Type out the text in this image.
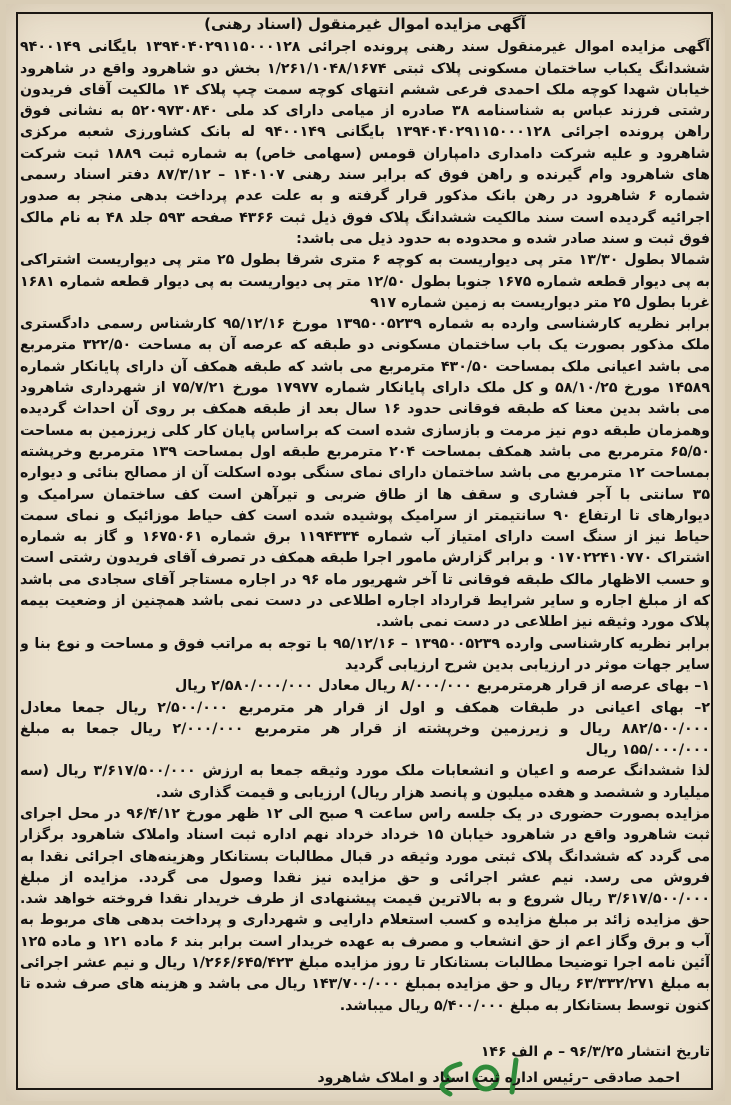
آگهی مزایده اموال غیرمنقول (اسناد رهنی)

آگهی مزایده اموال غیرمنقول سند رهنی پرونده اجرائی ۱۳۹۴۰۴۰۲۹۱۱۵۰۰۰۱۲۸ بایگانی ۹۴۰۰۱۴۹ ششدانگ یکباب ساختمان مسکونی پلاک ثبتی ۱/۲۶۱/۱۰۴۸/۱۶۷۴ بخش دو شاهرود واقع در شاهرود خیابان شهدا کوچه ملک احمدی فرعی ششم انتهای کوچه سمت چپ پلاک ۱۴ مالکیت آقای فریدون رشتی فرزند عباس به شناسنامه ۳۸ صادره از میامی دارای کد ملی ۵۲۰۹۷۳۰۸۴۰ به نشانی فوق راهن پرونده اجرائی ۱۳۹۴۰۴۰۲۹۱۱۵۰۰۰۱۲۸ بایگانی ۹۴۰۰۱۴۹ له بانک کشاورزی شعبه مرکزی شاهرود و علیه شرکت دامداری دامپاران قومس (سهامی خاص) به شماره ثبت ۱۸۸۹ ثبت شرکت های شاهرود وام گیرنده و راهن فوق که برابر سند رهنی ۱۴۰۱۰۷ – ۸۷/۳/۱۲ دفتر اسناد رسمی شماره ۶ شاهرود در رهن بانک مذکور قرار گرفته و به علت عدم پرداخت بدهی منجر به صدور اجرائیه گردیده است سند مالکیت ششدانگ پلاک فوق ذیل ثبت ۴۳۶۶ صفحه ۵۹۳ جلد ۴۸ به نام مالک فوق ثبت و سند صادر شده و محدوده به حدود ذیل می باشد:

شمالا بطول ۱۳/۳۰ متر پی دیواریست به کوچه ۶ متری شرقا بطول ۲۵ متر پی دیواریست اشتراکی به پی دیوار قطعه شماره ۱۶۷۵ جنوبا بطول ۱۲/۵۰ متر پی دیواریست به پی دیوار قطعه شماره ۱۶۸۱ غربا بطول ۲۵ متر دیواریست به زمین شماره ۹۱۷

برابر نظریه کارشناسی وارده به شماره ۱۳۹۵۰۰۵۲۳۹ مورخ ۹۵/۱۲/۱۶ کارشناس رسمی دادگستری ملک مذکور بصورت یک باب ساختمان مسکونی دو طبقه که عرصه آن به مساحت ۳۲۲/۵۰ مترمربع می باشد اعیانی ملک بمساحت ۴۳۰/۵۰ مترمربع می باشد که طبقه همکف آن دارای پایانکار شماره ۱۴۵۸۹ مورخ ۵۸/۱۰/۲۵ و کل ملک دارای پایانکار شماره ۱۷۹۷۷ مورخ ۷۵/۷/۲۱ از شهرداری شاهرود می باشد بدین معنا که طبقه فوقانی حدود ۱۶ سال بعد از طبقه همکف بر روی آن احداث گردیده وهمزمان طبقه دوم نیز مرمت و بازسازی شده است که براساس پایان کار کلی زیرزمین به مساحت ۶۵/۵۰ مترمربع می باشد همکف بمساحت ۲۰۴ مترمربع طبقه اول بمساحت ۱۳۹ مترمربع وخرپشته بمساحت ۱۲ مترمربع می باشد ساختمان دارای نمای سنگی بوده اسکلت آن از مصالح بنائی و دیواره ۳۵ سانتی با آجر فشاری و سقف ها از طاق ضربی و تیرآهن است کف ساختمان سرامیک و دیوارهای تا ارتفاع ۹۰ سانتیمتر از سرامیک پوشیده شده است کف حیاط موزائیک و نمای سمت حیاط نیز از سنگ است دارای امتیاز آب شماره ۱۱۹۴۳۳۴ برق شماره ۱۶۷۵۰۶۱ و گاز به شماره اشتراک ۰۱۷۰۲۲۴۱۰۷۷۰ و برابر گزارش مامور اجرا طبقه همکف در تصرف آقای فریدون رشتی است و حسب الاظهار مالک طبقه فوقانی تا آخر شهریور ماه ۹۶ در اجاره مستاجر آقای سجادی می باشد که از مبلغ اجاره و سایر شرایط قرارداد اجاره اطلاعی در دست نمی باشد همچنین از وضعیت بیمه پلاک مورد وثیقه نیز اطلاعی در دست نمی باشد.

برابر نظریه کارشناسی وارده ۱۳۹۵۰۰۵۲۳۹ – ۹۵/۱۲/۱۶ با توجه به مراتب فوق و مساحت و نوع بنا و سایر جهات موثر در ارزیابی بدین شرح ارزیابی گردید

۱– بهای عرصه از قرار هرمترمربع ۸/۰۰۰/۰۰۰ ریال معادل ۲/۵۸۰/۰۰۰/۰۰۰ ریال

۲– بهای اعیانی در طبقات همکف و اول از قرار هر مترمربع ۲/۵۰۰/۰۰۰ ریال جمعا معادل ۸۸۲/۵۰۰/۰۰۰ ریال و زیرزمین وخرپشته از قرار هر مترمربع ۲/۰۰۰/۰۰۰ ریال جمعا به مبلغ ۱۵۵/۰۰۰/۰۰۰ ریال

لذا ششدانگ عرصه و اعیان و انشعابات ملک مورد وثیقه جمعا به ارزش ۳/۶۱۷/۵۰۰/۰۰۰ ریال (سه میلیارد و ششصد و هفده میلیون و پانصد هزار ریال) ارزیابی و قیمت گذاری شد.

مزایده بصورت حضوری در یک جلسه راس ساعت ۹ صبح الی ۱۲ ظهر مورخ ۹۶/۴/۱۲ در محل اجرای ثبت شاهرود واقع در شاهرود خیابان ۱۵ خرداد خرداد نهم اداره ثبت اسناد واملاک شاهرود برگزار می گردد که ششدانگ پلاک ثبتی مورد وثیقه در قبال مطالبات بستانکار وهزینه‌های اجرائی نقدا به فروش می رسد. نیم عشر اجرائی و حق مزایده نیز نقدا وصول می گردد. مزایده از مبلغ ۳/۶۱۷/۵۰۰/۰۰۰ ریال شروع و به بالاترین قیمت پیشنهادی از طرف خریدار نقدا فروخته خواهد شد. حق مزایده زائد بر مبلغ مزایده و کسب استعلام دارایی و شهرداری و پرداخت بدهی های مربوط به آب و برق وگاز اعم از حق انشعاب و مصرف به عهده خریدار است برابر بند ۶ ماده ۱۲۱ و ماده ۱۲۵ آئین نامه اجرا توضیحا مطالبات بستانکار تا روز مزایده مبلغ ۱/۲۶۶/۶۴۵/۴۲۳ ریال و نیم عشر اجرائی به مبلغ ۶۳/۳۳۲/۲۷۱ ریال و حق مزایده بمبلغ ۱۴۳/۷۰۰/۰۰۰ ریال می باشد و هزینه های صرف شده تا کنون توسط بستانکار به مبلغ ۵/۴۰۰/۰۰۰ ریال میباشد.

تاریخ انتشار ۹۶/۳/۲۵ – م الف ۱۴۶
احمد صادقی –رئیس اداره ثبت اسناد و املاک شاهرود
